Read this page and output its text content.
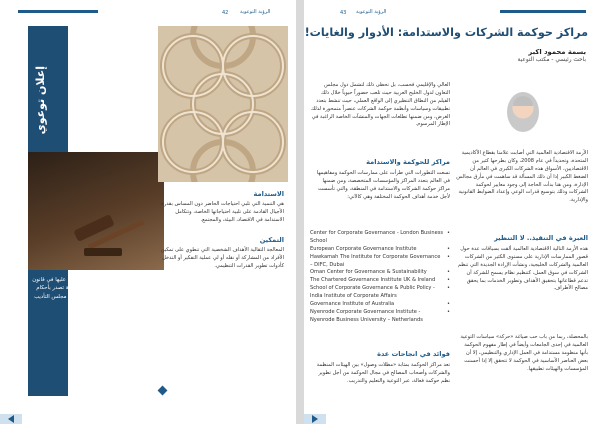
42 الرؤية التوعوية
إعلان توعوي
تتنوع عقوبات مخالفات التداول للنصوص عليها في قانون الهيئة ولائحته التنفيذية بين جزاءات جنائية تصدر بأحكام قضائية، وجزاءات تأديبية تصدر بقرار من مجلس التأديب في الهيئة أو كليهما.
الاستدامة
هي التنمية التي تلبي احتياجات الحاضر دون المساس بقدرة الأجيال القادمة على تلبية احتياجاتها الخاصة، وتتكامل الاستدامة في الاقتصاد، البيئة، والمجتمع.
التمكين
المعالجة التقالية الأهداف الشخصية التي تنطوي على تمكين الأفراد من المشاركة أو نقله أو لي عملية التفكير أو التدخل كأدوات تطوير القدرات التنظيمي.
43 الرؤية التوعوية
مراكز حوكمة الشركات والاستدامة: الأدوار والغايات!
بسمة محمود اكبر
باحث رئيسي - مكتب التوعية
العالي والإقليمي فحسب، بل تحظى ذلك لتشمل دول مجلس التعاون لدول الخليج العربية حيث تلعب حضوراً حيوياً خلال ذلك الفيلم من النطاق التنظيري إلى الواقع العملي، حيث تنشط بتعدد تطبيقات وسياسات وأنظمة حوكمة الشركات عنصراً متمحورة لذلك الغرض، ومن ضمنها تطلعات الجهات والمنشآت الخاصة الراغبة في الإطار المرسوم.
مراكز للحوكمة والاستدامة
تسعت التطورات التي طرأت على ممارسات الحوكمة ومفاهيمها في العالم بتعدد المراكز والمؤسسات المتخصصة، ومن ضمنها مراكز حوكمة الشركات والاستدامة في المنطقة، والتي تأسست لأجل خدمة أهداف الحوكمة المختلفة وهي كالآتي:
• Center for Corporate Governance - London Business School
• European Corporate Governance Institute
• Hawkamah The Institute for Corporate Governance – DIFC, Dubai
• Oman Center for Governance & Sustainability
• The Chartered Governance Institute UK & Ireland
• School of Corporate Governance & Public Policy - India Institute of Corporate Affairs
• Governance Institute of Australia
• Nyenrode Corporate Governance Institute - Nyenrode Business University – Netherlands
فوائد في انجاحات عدة
تعد مراكز الحوكمة بمثابة «مظلات وصول» بين الهيئات المنظمة والشركات وأصحاب المصالح في مجال الحوكمة من أجل تطوير نظم حوكمة فعالة، عبر التوعية والتعليم والتدريب.
الأزمة الاقتصادية العالمية التي أصابت علامتا بقطاع الأكاديمية المتحدة، وتحديداً في عام 2008، وكان بطرحها كثير من الاقتصاديين، الأسواق هذه الشركات الكبرى في العالم أن الضغط الكبير إذا أن ذلك المسألة قد ساهمت في مأزق مجالس الإدارة، ومن هنا بدأت الحاجة إلى وجود معايير لحوكمة الشركات وذلك بتوسيع قدرات الوعي وإعداد الضوابط القانونية والإدارية.
العبرة في التنفيذ.. لا التنظير
هذه الأزمة التالية الاقتصادية العالمية ألقت بسياقات عدة حول قصور الممارسات الإدارية على مستوى الكثير من الشركات العالمية والشركات الخليجية، ونشأت الإرادة الجديدة التي تنظم الشركات في سوق العمل، كتنظيم نظام يسمح للشركة أن تدعم قطاعاتها بتحقيق الأهداف وتطوير الخدمات بما يحقق مصالح الأطراف.
بالمحصلة، ربما من باب حب صياغة «حركة» سياسات التوعية العالمية في إحدى الجامعات وأيضاً في إطار مفهوم الحوكمة بأنها منظومة مستدامة في العمل الإداري والتنظيمي، إلا أن بعض العناصر الأساسية في الحوكمة لا تتحقق إلا إذا أحسنت المؤسسات والهيئات تطبيقها.
